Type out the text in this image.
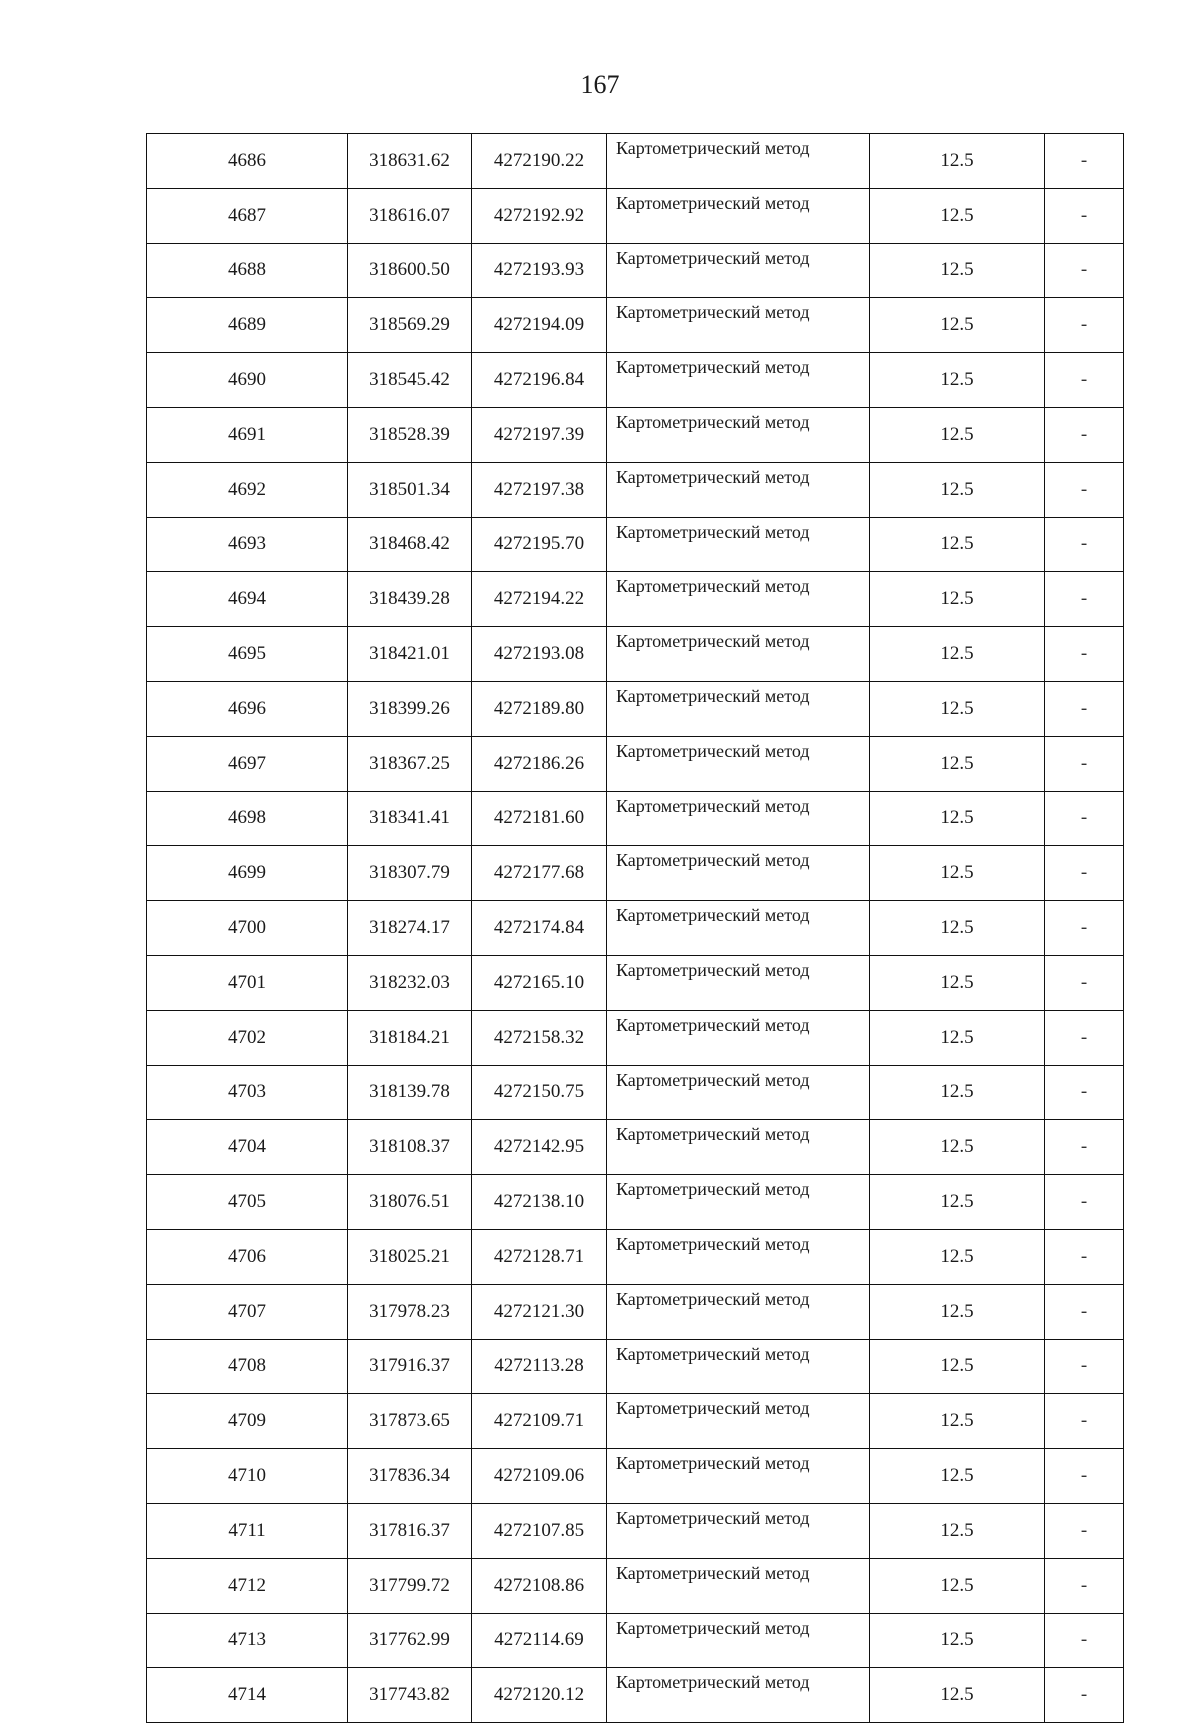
167
4686	318631.62	4272190.22	Картометрический метод	12.5	-
4687	318616.07	4272192.92	Картометрический метод	12.5	-
4688	318600.50	4272193.93	Картометрический метод	12.5	-
4689	318569.29	4272194.09	Картометрический метод	12.5	-
4690	318545.42	4272196.84	Картометрический метод	12.5	-
4691	318528.39	4272197.39	Картометрический метод	12.5	-
4692	318501.34	4272197.38	Картометрический метод	12.5	-
4693	318468.42	4272195.70	Картометрический метод	12.5	-
4694	318439.28	4272194.22	Картометрический метод	12.5	-
4695	318421.01	4272193.08	Картометрический метод	12.5	-
4696	318399.26	4272189.80	Картометрический метод	12.5	-
4697	318367.25	4272186.26	Картометрический метод	12.5	-
4698	318341.41	4272181.60	Картометрический метод	12.5	-
4699	318307.79	4272177.68	Картометрический метод	12.5	-
4700	318274.17	4272174.84	Картометрический метод	12.5	-
4701	318232.03	4272165.10	Картометрический метод	12.5	-
4702	318184.21	4272158.32	Картометрический метод	12.5	-
4703	318139.78	4272150.75	Картометрический метод	12.5	-
4704	318108.37	4272142.95	Картометрический метод	12.5	-
4705	318076.51	4272138.10	Картометрический метод	12.5	-
4706	318025.21	4272128.71	Картометрический метод	12.5	-
4707	317978.23	4272121.30	Картометрический метод	12.5	-
4708	317916.37	4272113.28	Картометрический метод	12.5	-
4709	317873.65	4272109.71	Картометрический метод	12.5	-
4710	317836.34	4272109.06	Картометрический метод	12.5	-
4711	317816.37	4272107.85	Картометрический метод	12.5	-
4712	317799.72	4272108.86	Картометрический метод	12.5	-
4713	317762.99	4272114.69	Картометрический метод	12.5	-
4714	317743.82	4272120.12	Картометрический метод	12.5	-
